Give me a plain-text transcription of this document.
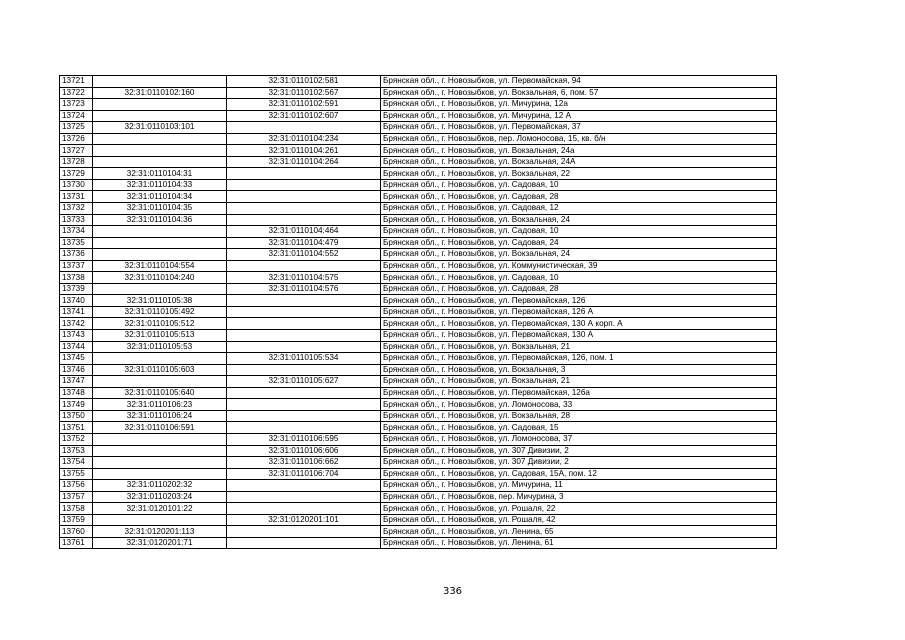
13721		32:31:0110102:581	Брянская обл., г. Новозыбков, ул. Первомайская, 94
13722	32:31:0110102:160	32:31:0110102:567	Брянская обл., г. Новозыбков, ул. Вокзальная, 6, пом. 57
13723		32:31:0110102:591	Брянская обл., г. Новозыбков, ул. Мичурина, 12а
13724		32:31:0110102:607	Брянская обл., г. Новозыбков, ул. Мичурина, 12 А
13725	32:31:0110103:101		Брянская обл., г. Новозыбков, ул. Первомайская, 37
13726		32:31:0110104:234	Брянская обл., г. Новозыбков, пер. Ломоносова, 15, кв. б/н
13727		32:31:0110104:261	Брянская обл., г. Новозыбков, ул. Вокзальная, 24а
13728		32:31:0110104:264	Брянская обл., г. Новозыбков, ул. Вокзальная, 24А
13729	32:31:0110104:31		Брянская обл., г. Новозыбков, ул. Вокзальная, 22
13730	32:31:0110104:33		Брянская обл., г. Новозыбков, ул. Садовая, 10
13731	32:31:0110104:34		Брянская обл., г. Новозыбков, ул. Садовая, 28
13732	32:31:0110104:35		Брянская обл., г. Новозыбков, ул. Садовая, 12
13733	32:31:0110104:36		Брянская обл., г. Новозыбков, ул. Вокзальная, 24
13734		32:31:0110104:464	Брянская обл., г. Новозыбков, ул. Садовая, 10
13735		32:31:0110104:479	Брянская обл., г. Новозыбков, ул. Садовая, 24
13736		32:31:0110104:552	Брянская обл., г. Новозыбков, ул. Вокзальная, 24
13737	32:31:0110104:554		Брянская обл., г. Новозыбков, ул. Коммунистическая, 39
13738	32:31:0110104:240	32:31:0110104:575	Брянская обл., г. Новозыбков, ул. Садовая, 10
13739		32:31:0110104:576	Брянская обл., г. Новозыбков, ул. Садовая, 28
13740	32:31:0110105:38		Брянская обл., г. Новозыбков, ул. Первомайская, 126
13741	32:31:0110105:492		Брянская обл., г. Новозыбков, ул. Первомайская, 126 А
13742	32:31:0110105:512		Брянская обл., г. Новозыбков, ул. Первомайская, 130 А корп. А
13743	32:31:0110105:513		Брянская обл., г. Новозыбков, ул. Первомайская, 130 А
13744	32:31:0110105:53		Брянская обл., г. Новозыбков, ул. Вокзальная, 21
13745		32:31:0110105:534	Брянская обл., г. Новозыбков, ул. Первомайская, 126, пом. 1
13746	32:31:0110105:603		Брянская обл., г. Новозыбков, ул. Вокзальная, 3
13747		32:31:0110105:627	Брянская обл., г. Новозыбков, ул. Вокзальная, 21
13748	32:31:0110105:640		Брянская обл., г. Новозыбков, ул. Первомайская, 126а
13749	32:31:0110106:23		Брянская обл., г. Новозыбков, ул. Ломоносова, 33
13750	32:31:0110106:24		Брянская обл., г. Новозыбков, ул. Вокзальная, 28
13751	32:31:0110106:591		Брянская обл., г. Новозыбков, ул. Садовая, 15
13752		32:31:0110106:595	Брянская обл., г. Новозыбков, ул. Ломоносова, 37
13753		32:31:0110106:606	Брянская обл., г. Новозыбков, ул. 307 Дивизии, 2
13754		32:31:0110106:662	Брянская обл., г. Новозыбков, ул. 307 Дивизии, 2
13755		32:31:0110106:704	Брянская обл., г. Новозыбков, ул. Садовая, 15А, пом. 12
13756	32:31:0110202:32		Брянская обл., г. Новозыбков, ул. Мичурина, 11
13757	32:31:0110203:24		Брянская обл., г. Новозыбков, пер. Мичурина, 3
13758	32:31:0120101:22		Брянская обл., г. Новозыбков, ул. Рошаля, 22
13759		32:31:0120201:101	Брянская обл., г. Новозыбков, ул. Рошаля, 42
13760	32:31:0120201:113		Брянская обл., г. Новозыбков, ул. Ленина, 65
13761	32:31:0120201:71		Брянская обл., г. Новозыбков, ул. Ленина, 61
336
